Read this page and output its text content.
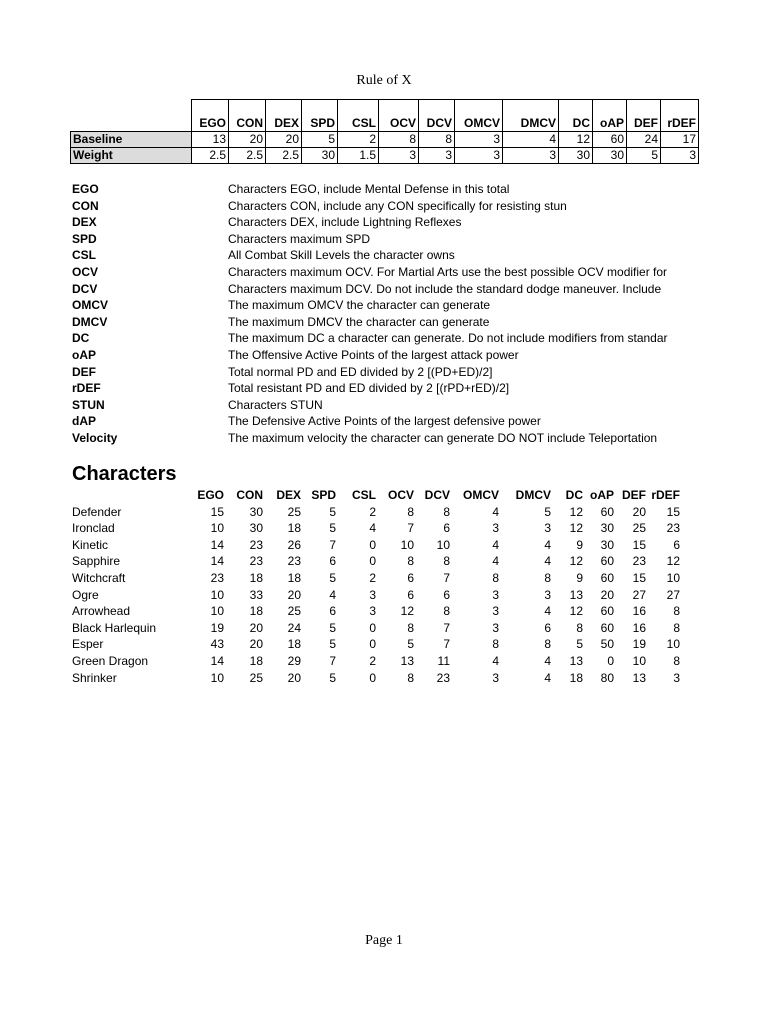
Rule of X

	EGO	CON	DEX	SPD	CSL	OCV	DCV	OMCV	DMCV	DC	oAP	DEF	rDEF
Baseline	13	20	20	5	2	8	8	3	4	12	60	24	17
Weight	2.5	2.5	2.5	30	1.5	3	3	3	3	30	30	5	3
EGO	Characters EGO, include Mental Defense in this total
CON	Characters CON, include any CON specifically for resisting stun
DEX	Characters DEX, include Lightning Reflexes
SPD	Characters maximum SPD
CSL	All Combat Skill Levels the character owns
OCV	Characters maximum OCV. For Martial Arts use the best possible OCV modifier for
DCV	Characters maximum DCV. Do not include the standard dodge maneuver. Include
OMCV	The maximum OMCV the character can generate
DMCV	The maximum DMCV the character can generate
DC	The maximum DC a character can generate. Do not include modifiers from standar
oAP	The Offensive Active Points of the largest attack power
DEF	Total normal PD and ED divided by 2 [(PD+ED)/2]
rDEF	Total resistant PD and ED divided by 2 [(rPD+rED)/2]
STUN	Characters STUN
dAP	The Defensive Active Points of the largest defensive power
Velocity	The maximum velocity the character can generate DO NOT include Teleportation
Characters
	EGO	CON	DEX	SPD	CSL	OCV	DCV	OMCV	DMCV	DC	oAP	DEF	rDEF
Defender	15	30	25	5	2	8	8	4	5	12	60	20	15
Ironclad	10	30	18	5	4	7	6	3	3	12	30	25	23
Kinetic	14	23	26	7	0	10	10	4	4	9	30	15	6
Sapphire	14	23	23	6	0	8	8	4	4	12	60	23	12
Witchcraft	23	18	18	5	2	6	7	8	8	9	60	15	10
Ogre	10	33	20	4	3	6	6	3	3	13	20	27	27
Arrowhead	10	18	25	6	3	12	8	3	4	12	60	16	8
Black Harlequin	19	20	24	5	0	8	7	3	6	8	60	16	8
Esper	43	20	18	5	0	5	7	8	8	5	50	19	10
Green Dragon	14	18	29	7	2	13	11	4	4	13	0	10	8
Shrinker	10	25	20	5	0	8	23	3	4	18	80	13	3
Page 1
